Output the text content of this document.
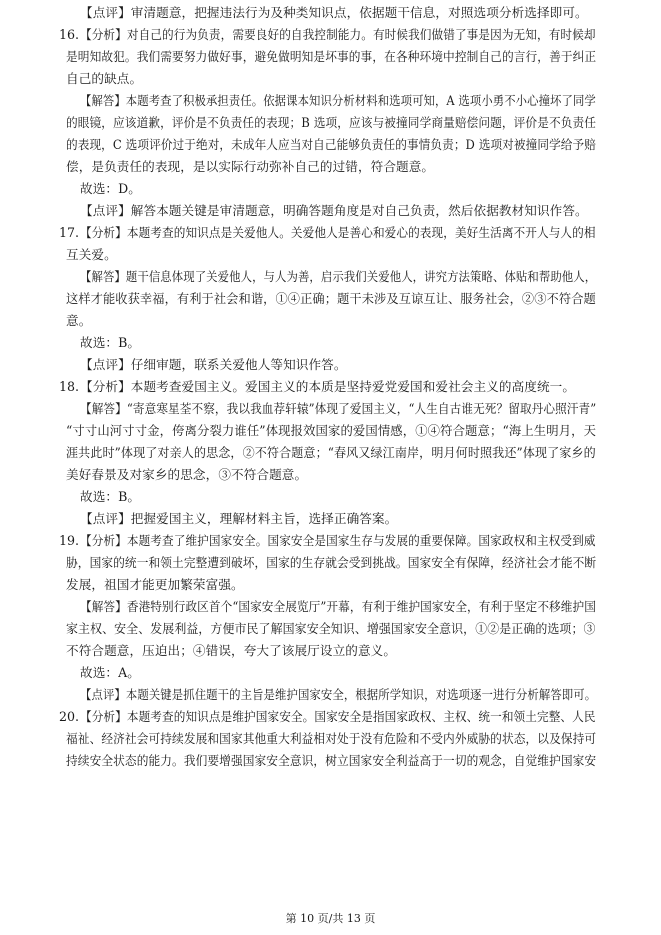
【点评】审清题意，把握违法行为及种类知识点，依据题干信息，对照选项分析选择即可。
16. 【分析】对自己的行为负责，需要良好的自我控制能力。有时候我们做错了事是因为无知，有时候却
是明知故犯。我们需要努力做好事，避免做明知是坏事的事，在各种环境中控制自己的言行，善于纠正
自己的缺点。
【解答】本题考查了积极承担责任。依据课本知识分析材料和选项可知，A 选项小勇不小心撞坏了同学
的眼镜，应该道歉，评价是不负责任的表现；B 选项，应该与被撞同学商量赔偿问题，评价是不负责任
的表现，C 选项评价过于绝对，未成年人应当对自己能够负责任的事情负责；D 选项对被撞同学给予赔
偿，是负责任的表现，是以实际行动弥补自己的过错，符合题意。
故选：D。
【点评】解答本题关键是审清题意，明确答题角度是对自己负责，然后依据教材知识作答。
17. 【分析】本题考查的知识点是关爱他人。关爱他人是善心和爱心的表现，美好生活离不开人与人的相
互关爱。
【解答】题干信息体现了关爱他人，与人为善，启示我们关爱他人，讲究方法策略、体贴和帮助他人，
这样才能收获幸福，有利于社会和谐，①④正确；题干未涉及互谅互让、服务社会，②③不符合题
意。
故选：B。
【点评】仔细审题，联系关爱他人等知识作答。
18. 【分析】本题考查爱国主义。爱国主义的本质是坚持爱党爱国和爱社会主义的高度统一。
【解答】“寄意寒星荃不察，我以我血荐轩辕”体现了爱国主义，“人生自古谁无死？留取丹心照汗青”
“寸寸山河寸寸金，侉离分裂力谁任”体现报效国家的爱国情感，①④符合题意；“海上生明月，天
涯共此时”体现了对亲人的思念，②不符合题意；“春风又绿江南岸，明月何时照我还”体现了家乡的
美好春景及对家乡的思念，③不符合题意。
故选：B。
【点评】把握爱国主义，理解材料主旨，选择正确答案。
19. 【分析】本题考查了维护国家安全。国家安全是国家生存与发展的重要保障。国家政权和主权受到威
胁，国家的统一和领土完整遭到破坏，国家的生存就会受到挑战。国家安全有保障，经济社会才能不断
发展，祖国才能更加繁荣富强。
【解答】香港特别行政区首个“国家安全展览厅”开幕，有利于维护国家安全，有利于坚定不移维护国
家主权、安全、发展利益，方便市民了解国家安全知识、增强国家安全意识，①②是正确的选项；③
不符合题意，压迫出；④错误，夸大了该展厅设立的意义。
故选：A。
【点评】本题关键是抓住题干的主旨是维护国家安全，根据所学知识，对选项逐一进行分析解答即可。
20. 【分析】本题考查的知识点是维护国家安全。国家安全是指国家政权、主权、统一和领土完整、人民
福祉、经济社会可持续发展和国家其他重大利益相对处于没有危险和不受内外威胁的状态，以及保持可
持续安全状态的能力。我们要增强国家安全意识，树立国家安全利益高于一切的观念，自觉维护国家安
第 10 页/共 13 页
